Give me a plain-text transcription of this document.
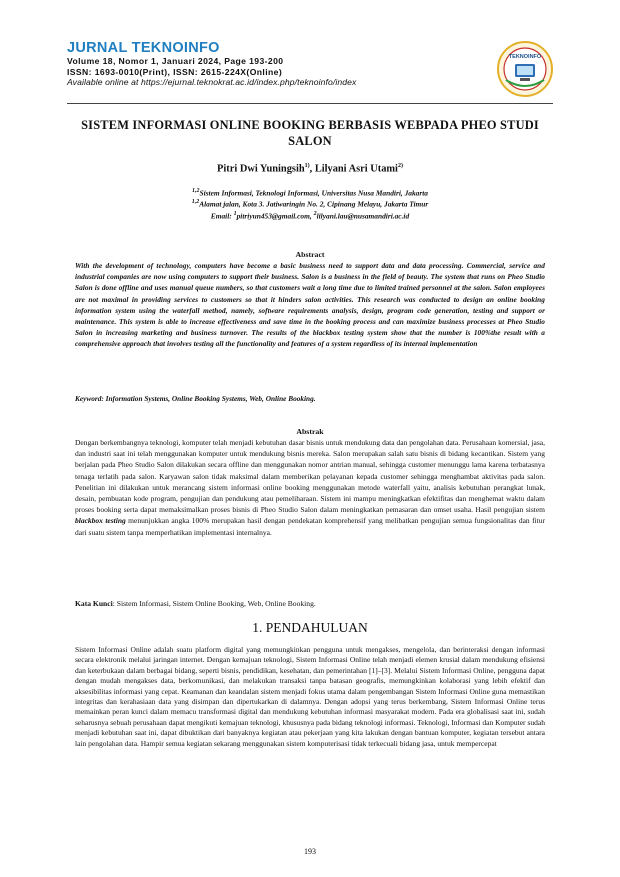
JURNAL TEKNOINFO
Volume 18, Nomor 1, Januari 2024, Page 193-200
ISSN: 1693-0010(Print), ISSN: 2615-224X(Online)
Available online at https://ejurnal.teknokrat.ac.id/index.php/teknoinfo/index
TEKNOINFO
SISTEM INFORMASI ONLINE BOOKING BERBASIS WEBPADA PHEO STUDI SALON
Pitri Dwi Yuningsih$^{1)}$, Lilyani Asri Utami$^{2)}$
$^{1,2}$Sistem Informasi, Teknologi Informasi, Universitas Nusa Mandiri, Jakarta
$^{1,2}$Alamat jalan, Kota 3. Jatiwaringin No. 2, Cipinang Melayu, Jakarta Timur
Email: $^1$pitriyun453@gmail.com, $^2$lilyani.lau@nusamandiri.ac.id
Abstract
With the development of technology, computers have become a basic business need to support data and data processing. Commercial, service and industrial companies are now using computers to support their business. Salon is a business in the field of beauty. The system that runs on Pheo Studio Salon is done offline and uses manual queue numbers, so that customers wait a long time due to limited trained personnel at the salon. Salon employees are not maximal in providing services to customers so that it hinders salon activities. This research was conducted to design an online booking information system using the waterfall method, namely, software requirements analysis, design, program code generation, testing and support or maintenance. This system is able to increase effectiveness and save time in the booking process and can maximize business processes at Pheo Studio Salon in increasing marketing and business turnover. The results of the blackbox testing system show that the number is 100%the result with a comprehensive approach that involves testing all the functionality and features of a system regardless of its internal implementation
Keyword: Information Systems, Online Booking Systems, Web, Online Booking.
Abstrak
Dengan berkembangnya teknologi, komputer telah menjadi kebutuhan dasar bisnis untuk mendukung data dan pengolahan data. Perusahaan komersial, jasa, dan industri saat ini telah menggunakan komputer untuk mendukung bisnis mereka. Salon merupakan salah satu bisnis di bidang kecantikan. Sistem yang berjalan pada Pheo Studio Salon dilakukan secara offline dan menggunakan nomor antrian manual, sehingga customer menunggu lama karena terbatasnya tenaga terlatih pada salon. Karyawan salon tidak maksimal dalam memberikan pelayanan kepada customer sehingga menghambat aktivitas pada salon. Penelitian ini dilakukan untuk merancang sistem informasi online booking menggunakan metode waterfall yaitu, analisis kebutuhan perangkat lunak, desain, pembuatan kode program, pengujian dan pendukung atau pemeliharaan. Sistem ini mampu meningkatkan efektifitas dan menghemat waktu dalam proses booking serta dapat memaksimalkan proses bisnis di Pheo Studio Salon dalam meningkatkan pemasaran dan omset usaha. Hasil pengujian sistem blackbox testing menunjukkan angka 100% merupakan hasil dengan pendekatan komprehensif yang melibatkan pengujian semua fungsionalitas dan fitur dari suatu sistem tanpa memperhatikan implementasi internalnya.
Kata Kunci: Sistem Informasi, Sistem Online Booking, Web, Online Booking.
1. PENDAHULUAN
Sistem Informasi Online adalah suatu platform digital yang memungkinkan pengguna untuk mengakses, mengelola, dan berinteraksi dengan informasi secara elektronik melalui jaringan internet. Dengan kemajuan teknologi, Sistem Informasi Online telah menjadi elemen krusial dalam mendukung efisiensi dan keterbukaan dalam berbagai bidang, seperti bisnis, pendidikan, kesehatan, dan pemerintahan [1]–[3]. Melalui Sistem Informasi Online, pengguna dapat dengan mudah mengakses data, berkomunikasi, dan melakukan transaksi tanpa batasan geografis, memungkinkan kolaborasi yang lebih efektif dan aksesibilitas informasi yang cepat. Keamanan dan keandalan sistem menjadi fokus utama dalam pengembangan Sistem Informasi Online guna memastikan integritas dan kerahasiaan data yang disimpan dan dipertukarkan di dalamnya. Dengan adopsi yang terus berkembang, Sistem Informasi Online terus memainkan peran kunci dalam memacu transformasi digital dan mendukung kebutuhan informasi masyarakat modern. Pada era globalisasi saat ini, sudah seharusnya sebuah perusahaan dapat mengikuti kemajuan teknologi, khususnya pada bidang teknologi informasi. Teknologi, Informasi dan Komputer sudah menjadi kebutuhan saat ini, dapat dibuktikan dari banyaknya kegiatan atau pekerjaan yang kita lakukan dengan bantuan komputer, kegiatan tersebut antara lain pengolahan data. Hampir semua kegiatan sekarang menggunakan sistem komputerisasi tidak terkecuali bidang jasa, untuk mempercepat
193
